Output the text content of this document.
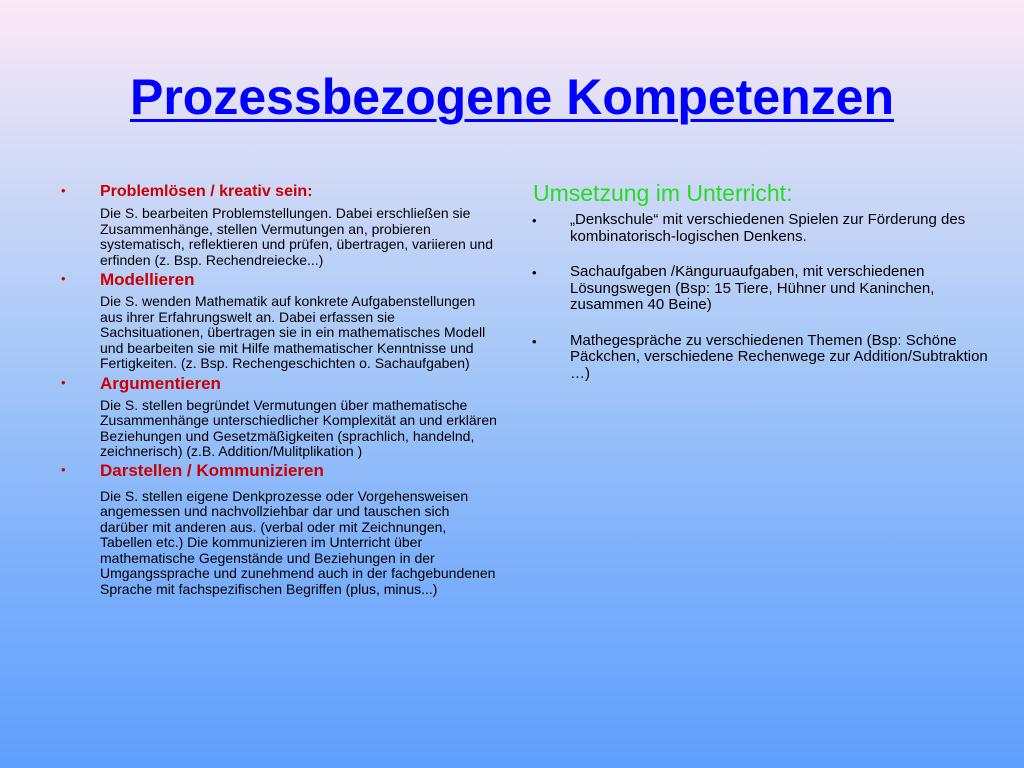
Prozessbezogene Kompetenzen
• Problemlösen / kreativ sein:
Die S. bearbeiten Problemstellungen. Dabei erschließen sie Zusammenhänge, stellen Vermutungen an, probieren systematisch, reflektieren und prüfen, übertragen, variieren und erfinden (z. Bsp. Rechendreiecke...)
• Modellieren
Die S. wenden Mathematik auf konkrete Aufgabenstellungen aus ihrer Erfahrungswelt an. Dabei erfassen sie Sachsituationen, übertragen sie in ein mathematisches Modell und bearbeiten sie mit Hilfe mathematischer Kenntnisse und Fertigkeiten. (z. Bsp. Rechengeschichten o. Sachaufgaben)
• Argumentieren
Die S. stellen begründet Vermutungen über mathematische Zusammenhänge unterschiedlicher Komplexität an und erklären Beziehungen und Gesetzmäßigkeiten (sprachlich, handelnd, zeichnerisch) (z.B. Addition/Mulitplikation )
• Darstellen / Kommunizieren
Die S. stellen eigene Denkprozesse oder Vorgehensweisen angemessen und nachvollziehbar dar und tauschen sich darüber mit anderen aus. (verbal oder mit Zeichnungen, Tabellen etc.) Die kommunizieren im Unterricht über mathematische Gegenstände und Beziehungen in der Umgangssprache und zunehmend auch in der fachgebundenen Sprache mit fachspezifischen Begriffen (plus, minus...)
Umsetzung im Unterricht:
• „Denkschule“ mit verschiedenen Spielen zur Förderung des kombinatorisch-logischen Denkens.
• Sachaufgaben /Känguruaufgaben, mit verschiedenen Lösungswegen (Bsp: 15 Tiere, Hühner und Kaninchen, zusammen 40 Beine)
• Mathegespräche zu verschiedenen Themen (Bsp: Schöne Päckchen, verschiedene Rechenwege zur Addition/Subtraktion …)
